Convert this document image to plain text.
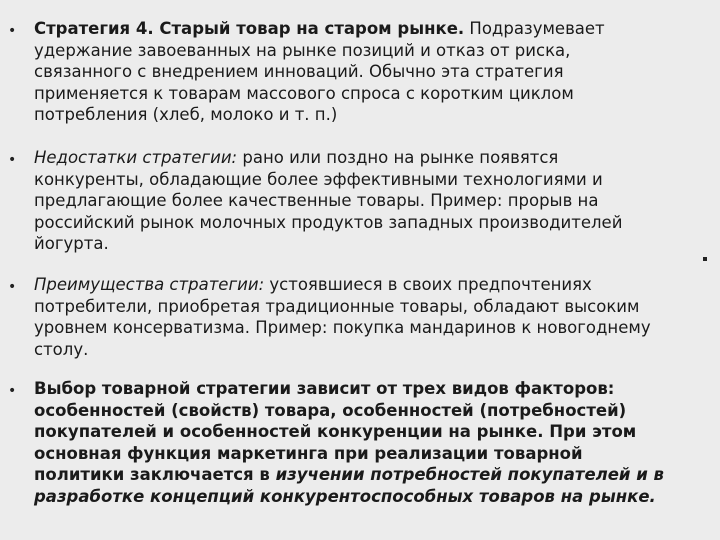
• Стратегия 4. Старый товар на старом рынке. Подразумевает
удержание завоеванных на рынке позиций и отказ от риска,
связанного с внедрением инноваций. Обычно эта стратегия
применяется к товарам массового спроса с коротким циклом
потребления (хлеб, молоко и т. п.)
• Недостатки стратегии: рано или поздно на рынке появятся
конкуренты, обладающие более эффективными технологиями и
предлагающие более качественные товары. Пример: прорыв на
российский рынок молочных продуктов западных производителей
йогурта.
• Преимущества стратегии: устоявшиеся в своих предпочтениях
потребители, приобретая традиционные товары, обладают высоким
уровнем консерватизма. Пример: покупка мандаринов к новогоднему
столу.
• Выбор товарной стратегии зависит от трех видов факторов:
особенностей (свойств) товара, особенностей (потребностей)
покупателей и особенностей конкуренции на рынке. При этом
основная функция маркетинга при реализации товарной
политики заключается в изучении потребностей покупателей и в
разработке концепций конкурентоспособных товаров на рынке.
